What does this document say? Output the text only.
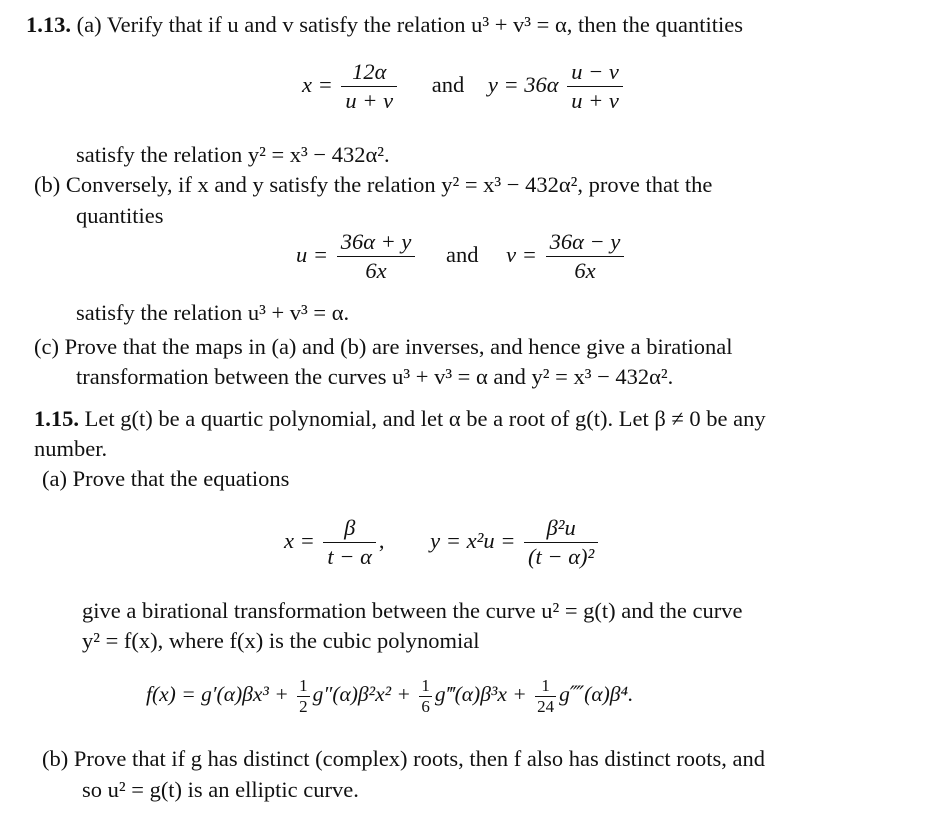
1.13. (a) Verify that if u and v satisfy the relation u³ + v³ = α, then the quantities
$x = \frac{12\alpha}{u + v}$ and $y = 36\alpha \frac{u - v}{u + v}$
satisfy the relation y² = x³ − 432α².
(b) Conversely, if x and y satisfy the relation y² = x³ − 432α², prove that the
quantities
$u = \frac{36\alpha + y}{6x}$ and $v = \frac{36\alpha - y}{6x}$
satisfy the relation u³ + v³ = α.
(c) Prove that the maps in (a) and (b) are inverses, and hence give a birational
transformation between the curves u³ + v³ = α and y² = x³ − 432α².
1.15. Let g(t) be a quartic polynomial, and let α be a root of g(t). Let β ≠ 0 be any
number.
(a) Prove that the equations
$x = \frac{\beta}{t - \alpha}$ , $y = x^2u = \frac{\text{β²u}}{\text{(t − α)²}}$
give a birational transformation between the curve u² = g(t) and the curve
y² = f(x), where f(x) is the cubic polynomial
$f(x) = g'(\alpha)\beta x^3 + \frac{1}{2} g''(\alpha)\beta^2x^2 + \frac{1}{6}$ g‴(α)β³x + $\frac{1}{24}$ g⁗(α)β⁴.
(b) Prove that if g has distinct (complex) roots, then f also has distinct roots, and
so u² = g(t) is an elliptic curve.
